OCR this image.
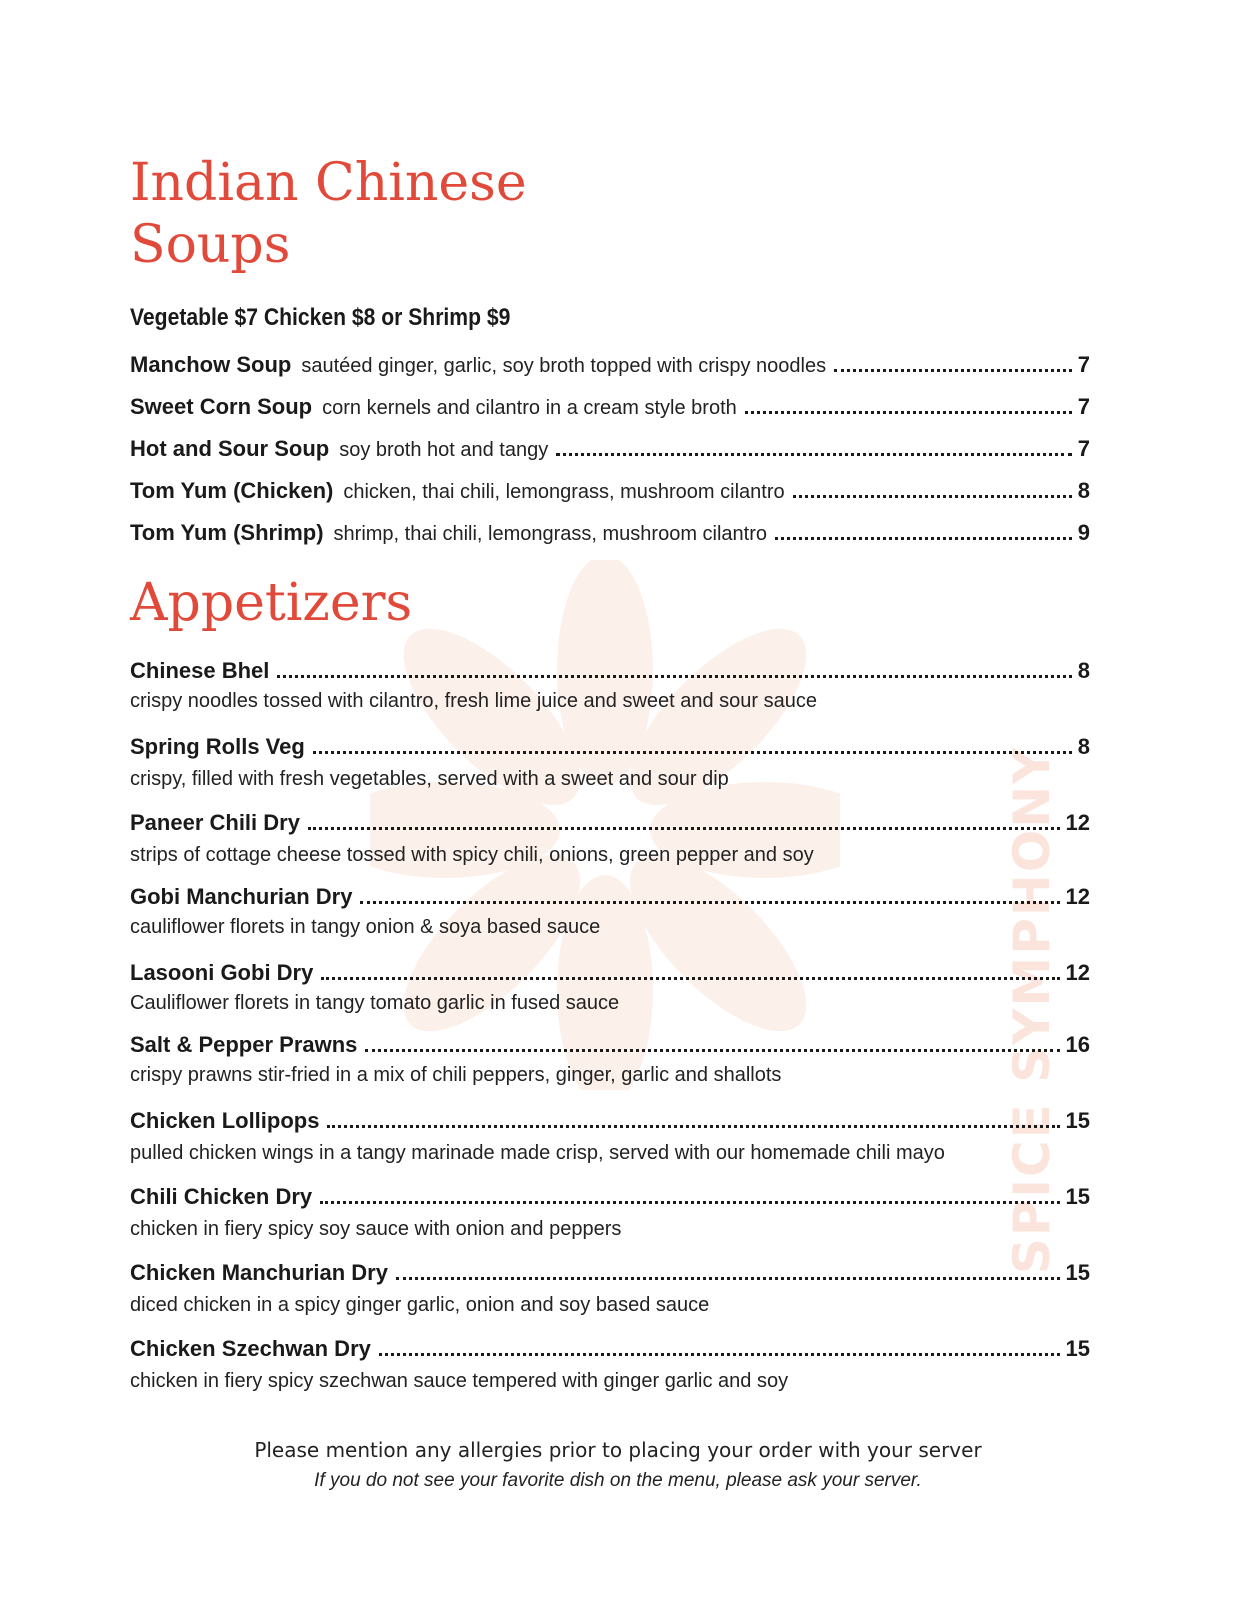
SPICE SYMPHONY
Indian Chinese
Soups
Vegetable $7 Chicken $8 or Shrimp $9
Manchow Soup sautéed ginger, garlic, soy broth topped with crispy noodles	7
Sweet Corn Soup corn kernels and cilantro in a cream style broth	7
Hot and Sour Soup soy broth hot and tangy	7
Tom Yum (Chicken) chicken, thai chili, lemongrass, mushroom cilantro	8
Tom Yum (Shrimp) shrimp, thai chili, lemongrass, mushroom cilantro	9
Appetizers
Chinese Bhel	8
crispy noodles tossed with cilantro, fresh lime juice and sweet and sour sauce
Spring Rolls Veg	8
crispy, filled with fresh vegetables, served with a sweet and sour dip
Paneer Chili Dry	12
strips of cottage cheese tossed with spicy chili, onions, green pepper and soy
Gobi Manchurian Dry	12
cauliflower florets in tangy onion & soya based sauce
Lasooni Gobi Dry	12
Cauliflower florets in tangy tomato garlic in fused sauce
Salt & Pepper Prawns	16
crispy prawns stir-fried in a mix of chili peppers, ginger, garlic and shallots
Chicken Lollipops	15
pulled chicken wings in a tangy marinade made crisp, served with our homemade chili mayo
Chili Chicken Dry	15
chicken in fiery spicy soy sauce with onion and peppers
Chicken Manchurian Dry	15
diced chicken in a spicy ginger garlic, onion and soy based sauce
Chicken Szechwan Dry	15
chicken in fiery spicy szechwan sauce tempered with ginger garlic and soy
Please mention any allergies prior to placing your order with your server
If you do not see your favorite dish on the menu, please ask your server.
